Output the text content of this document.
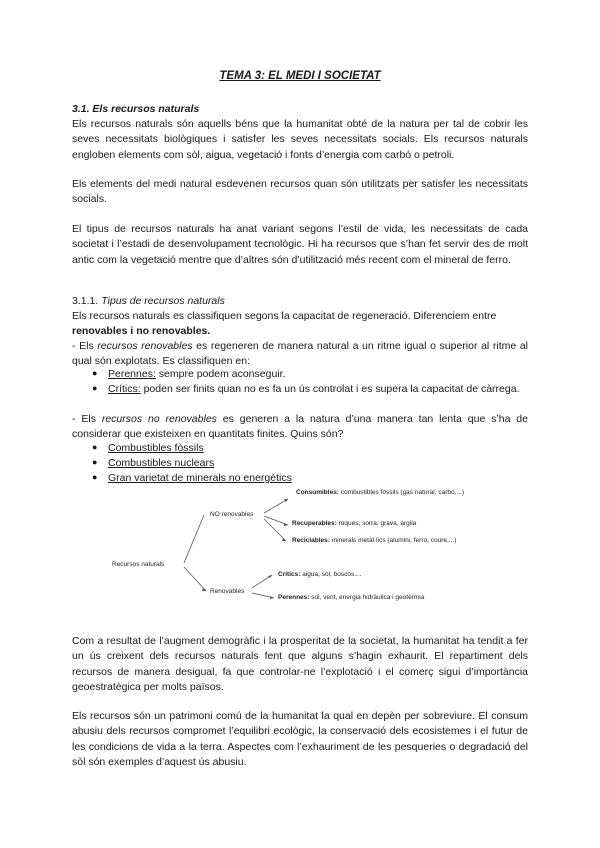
TEMA 3: EL MEDI I SOCIETAT
3.1. Els recursos naturals

Els recursos naturals són aquells béns que la humanitat obté de la natura per tal de cobrir les seves necessitats biològiques i satisfer les seves necessitats socials. Els recursos naturals engloben elements com sòl, aigua, vegetació i fonts d’energia com carbó o petroli.

Els elements del medi natural esdevenen recursos quan són utilitzats per satisfer les necessitats socials.

El tipus de recursos naturals ha anat variant segons l’estil de vida, les necessitats de cada societat i l’estadi de desenvolupament tecnològic. Hi ha recursos que s’han fet servir des de molt antic com la vegetació mentre que d’altres són d’utilització més recent com el mineral de ferro.

3.1.1. Tipus de recursos naturals
Els recursos naturals es classifiquen segons la capacitat de regeneració. Diferenciem entre
renovables i no renovables.

- Els recursos renovables es regeneren de manera natural a un ritme igual o superior al ritme al qual són explotats. Es classifiquen en:

● Perennes: sempre podem aconseguir.
● Crítics: poden ser finits quan no es fa un ús controlat i es supera la capacitat de càrrega.

- Els recursos no renovables es generen a la natura d’una manera tan lenta que s’ha de considerar que existeixen en quantitats finites. Quins són?

● Combustibles fòssils
● Combustibles nuclears
● Gran varietat de minerals no energètics
Recursos naturals
NO renovables
Renovables
Consumibles: combustibles fòssils (gas natural, carbó,...)
Recuperables: roques, sorra, grava, argila
Reciclables: minerals metàl·lics (alumini, ferro, coure,...)
Crítics: aigua, sòl, boscos....
Perennes: sol, vent, energia hidràulica i geotèrmia

Com a resultat de l’augment demogràfic i la prosperitat de la societat, la humanitat ha tendit a fer un ús creixent dels recursos naturals fent que alguns s’hagin exhaurit. El repartiment dels recursos de manera desigual, fa que controlar-ne l’explotació i el comerç sigui d’importància geoestratègica per molts països.

Els recursos són un patrimoni comú de la humanitat la qual en depèn per sobreviure. El consum abusiu dels recursos compromet l’equilibri ecològic, la conservació dels ecosistemes i el futur de les condicions de vida a la terra. Aspectes com l’exhauriment de les pesqueries o degradació del sòl són exemples d’aquest ús abusiu.
